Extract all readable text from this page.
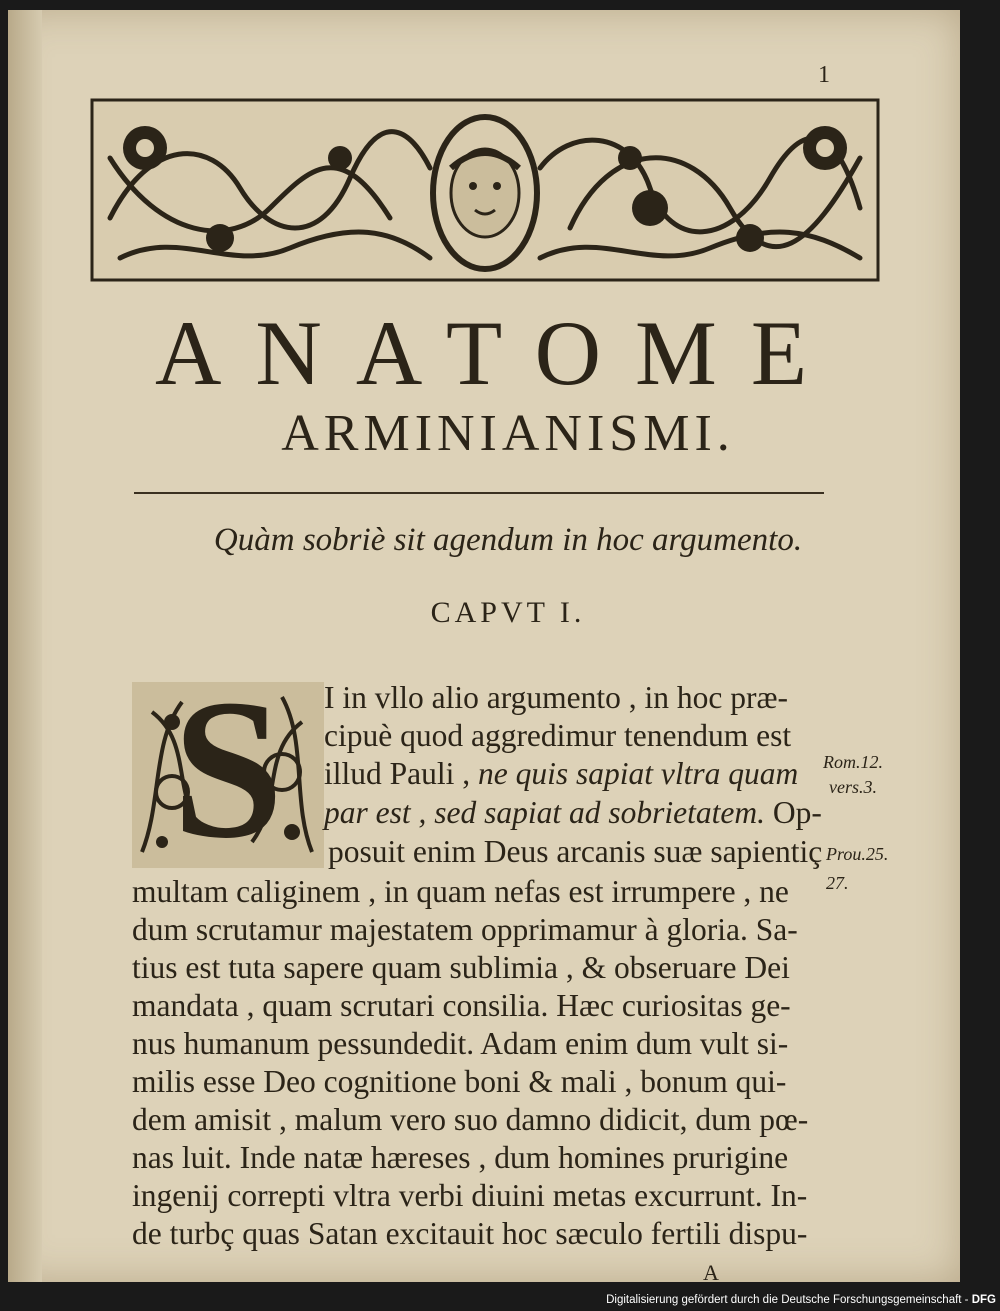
1
ANATOME
ARMINIANISMI.
Quàm sobriè sit agendum in hoc argumento.
CAPVT I.
S	I in vllo alio argumento , in hoc præ-
cipuè quod aggredimur tenendum est
illud Pauli , ne quis sapiat vltra quam
par est , sed sapiat ad sobrietatem. Op-
posuit enim Deus arcanis suæ sapientiç
multam caliginem , in quam nefas est irrumpere , ne
dum scrutamur majestatem opprimamur à gloria. Sa-
tius est tuta sapere quam sublimia , & obseruare Dei
mandata , quam scrutari consilia. Hæc curiositas ge-
nus humanum pessundedit. Adam enim dum vult si-
milis esse Deo cognitione boni & mali , bonum qui-
dem amisit , malum vero suo damno didicit, dum pœ-
nas luit. Inde natæ hæreses , dum homines prurigine
ingenij correpti vltra verbi diuini metas excurrunt. In-
de turbç quas Satan excitauit hoc sæculo fertili dispu-
Rom.12.
vers.3.
Prou.25.
27.
A
Digitalisierung gefördert durch die Deutsche Forschungsgemeinschaft - DFG
